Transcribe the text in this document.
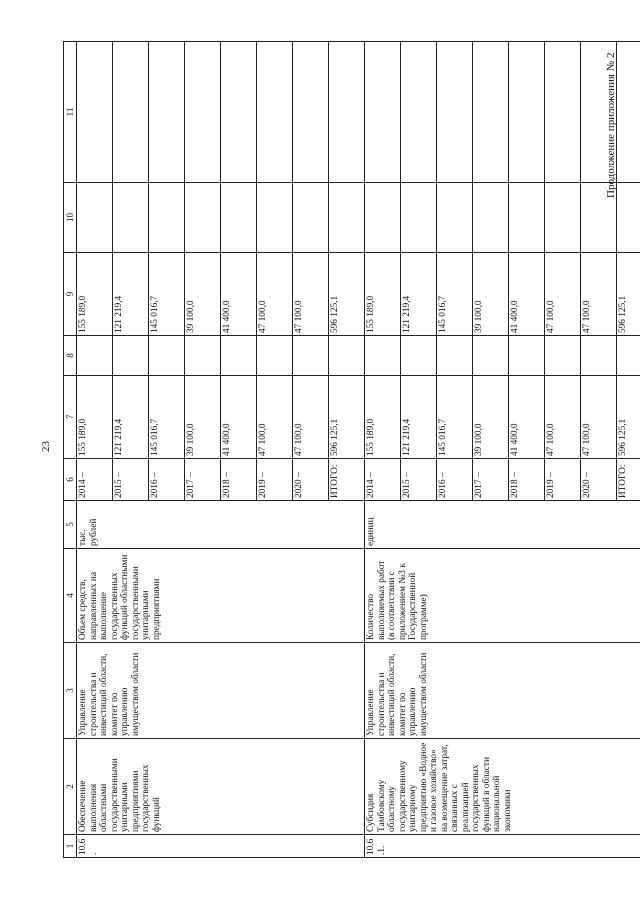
23
Продолжение приложения № 2
1	2	3	4	5	6	7	8	9	10	11
10.6.	Обеспечение выполнения областными государственными унитарными предприятиями государственных функций	Управление строительства и инвестиций области, комитет по управлению имуществом области	Объем средств, направленных на выполнение государственных функций областными государственными унитарными предприятиями	тыс. рублей	2014 –	155 189,0		155 189,0		
					2015 –	121 219,4		121 219,4		
					2016 –	145 016,7		145 016,7		
					2017 –	39 100,0		39 100,0		
					2018 –	41 400,0		41 400,0		
					2019 –	47 100,0		47 100,0		
					2020 –	47 100,0		47 100,0		
					ИТОГО:	596 125,1		596 125,1		
10.6.1.	Субсидия Тамбовскому областному государственному унитарному предприятию «Водное и газовое хозяйство» на возмещение затрат, связанных с реализацией государственных функций в области национальной экономики	Управление строительства и инвестиций области, комитет по управлению имуществом области	Количество выполняемых работ (в соответствии с приложением №3 к Государственной программе)	единиц	2014 –	155 189,0		155 189,0		
					2015 –	121 219,4		121 219,4		
					2016 –	145 016,7		145 016,7		
					2017 –	39 100,0		39 100,0		
					2018 –	41 400,0		41 400,0		
					2019 –	47 100,0		47 100,0		
					2020 –	47 100,0		47 100,0		
					ИТОГО:	596 125,1		596 125,1		
